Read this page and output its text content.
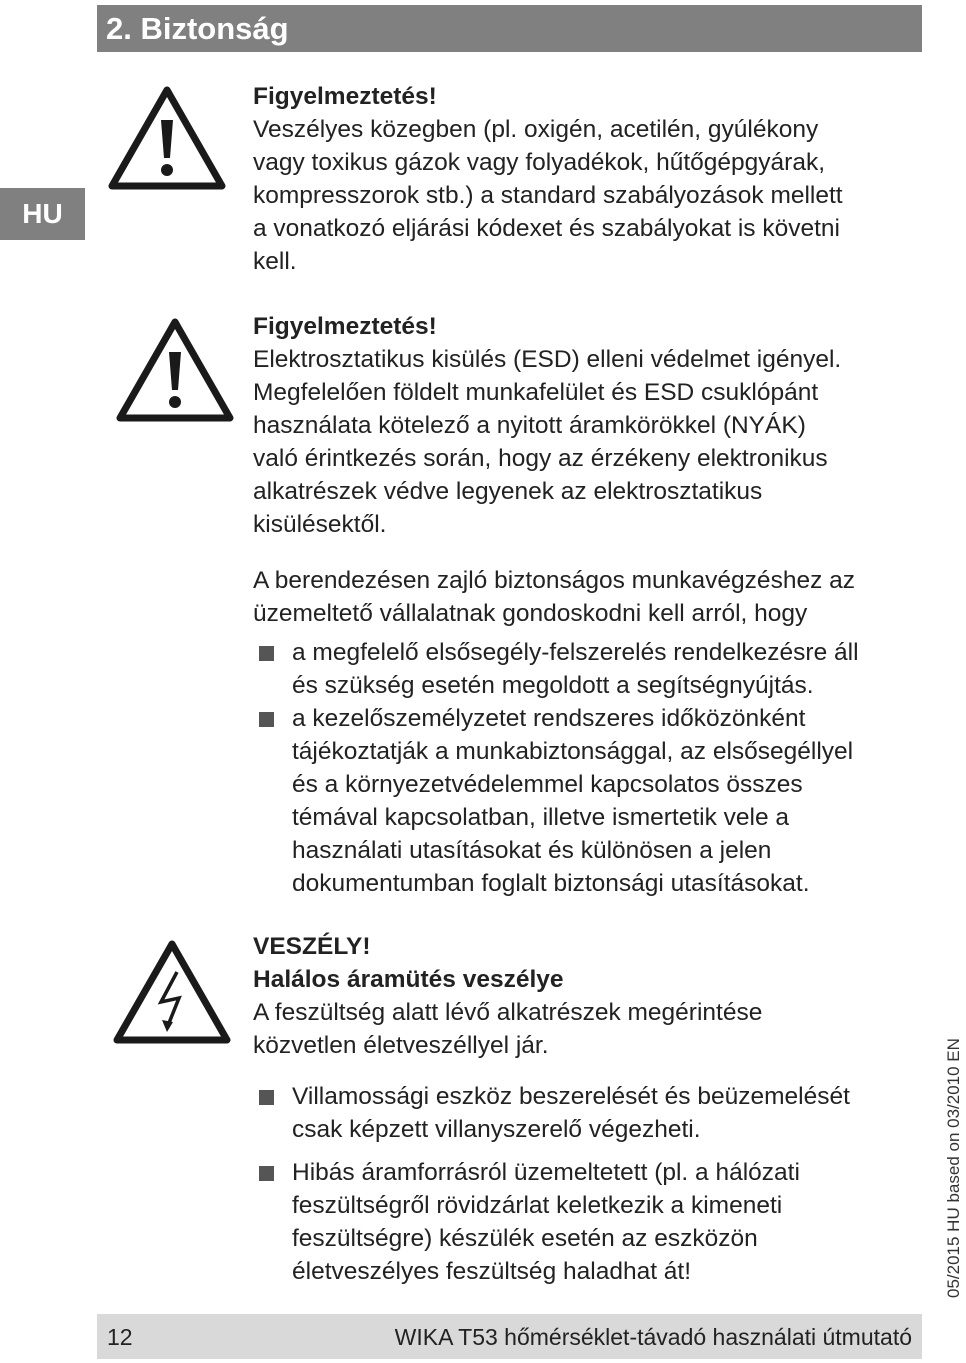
2. Biztonság
HU
Figyelmeztetés!
Veszélyes közegben (pl. oxigén, acetilén, gyúlékony
vagy toxikus gázok vagy folyadékok, hűtőgépgyárak,
kompresszorok stb.) a standard szabályozások mellett
a vonatkozó eljárási kódexet és szabályokat is követni
kell.
Figyelmeztetés!
Elektrosztatikus kisülés (ESD) elleni védelmet igényel.
Megfelelően földelt munkafelület és ESD csuklópánt
használata kötelező a nyitott áramkörökkel (NYÁK)
való érintkezés során, hogy az érzékeny elektronikus
alkatrészek védve legyenek az elektrosztatikus
kisülésektől.
A berendezésen zajló biztonságos munkavégzéshez az
üzemeltető vállalatnak gondoskodni kell arról, hogy
a megfelelő elsősegély-felszerelés rendelkezésre áll
és szükség esetén megoldott a segítségnyújtás.
a kezelőszemélyzetet rendszeres időközönként
tájékoztatják a munkabiztonsággal, az elsősegéllyel
és a környezetvédelemmel kapcsolatos összes
témával kapcsolatban, illetve ismertetik vele a
használati utasításokat és különösen a jelen
dokumentumban foglalt biztonsági utasításokat.
VESZÉLY!
Halálos áramütés veszélye
A feszültség alatt lévő alkatrészek megérintése
közvetlen életveszéllyel jár.
Villamossági eszköz beszerelését és beüzemelését
csak képzett villanyszerelő végezheti.
Hibás áramforrásról üzemeltetett (pl. a hálózati
feszültségről rövidzárlat keletkezik a kimeneti
feszültségre) készülék esetén az eszközön
életveszélyes feszültség haladhat át!	05/2015 HU based on 03/2010 EN
12	WIKA T53 hőmérséklet-távadó használati útmutató
